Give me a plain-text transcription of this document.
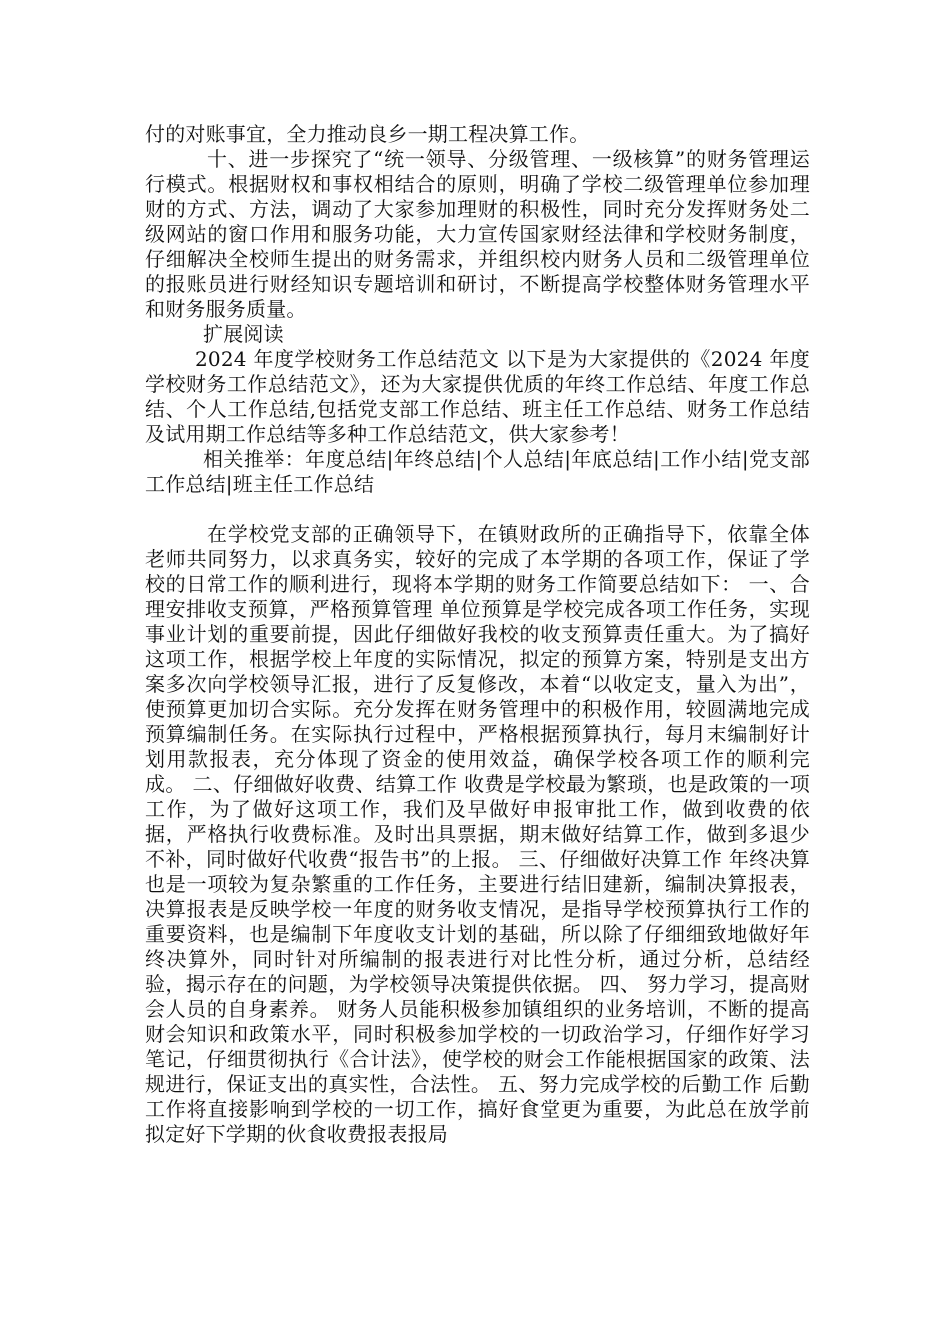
付的对账事宜，全力推动良乡一期工程决算工作。

十、进一步探究了“统一领导、分级管理、一级核算”的财务管理运行模式。根据财权和事权相结合的原则，明确了学校二级管理单位参加理财的方式、方法，调动了大家参加理财的积极性，同时充分发挥财务处二级网站的窗口作用和服务功能，大力宣传国家财经法律和学校财务制度，仔细解决全校师生提出的财务需求，并组织校内财务人员和二级管理单位的报账员进行财经知识专题培训和研讨，不断提高学校整体财务管理水平和财务服务质量。

扩展阅读

2024 年度学校财务工作总结范文 以下是为大家提供的《2024 年度学校财务工作总结范文》，还为大家提供优质的年终工作总结、年度工作总结、个人工作总结,包括党支部工作总结、班主任工作总结、财务工作总结及试用期工作总结等多种工作总结范文，供大家参考！

相关推举：年度总结|年终总结|个人总结|年底总结|工作小结|党支部工作总结|班主任工作总结

在学校党支部的正确领导下，在镇财政所的正确指导下，依靠全体老师共同努力，以求真务实，较好的完成了本学期的各项工作，保证了学校的日常工作的顺利进行，现将本学期的财务工作简要总结如下： 一、合理安排收支预算，严格预算管理 单位预算是学校完成各项工作任务，实现事业计划的重要前提，因此仔细做好我校的收支预算责任重大。为了搞好这项工作，根据学校上年度的实际情况，拟定的预算方案，特别是支出方案多次向学校领导汇报，进行了反复修改，本着“以收定支，量入为出”，使预算更加切合实际。充分发挥在财务管理中的积极作用，较圆满地完成预算编制任务。在实际执行过程中，严格根据预算执行，每月末编制好计划用款报表，充分体现了资金的使用效益，确保学校各项工作的顺利完成。 二、仔细做好收费、结算工作 收费是学校最为繁琐，也是政策的一项工作，为了做好这项工作，我们及早做好申报审批工作，做到收费的依据，严格执行收费标准。及时出具票据，期末做好结算工作，做到多退少不补，同时做好代收费“报告书”的上报。 三、仔细做好决算工作 年终决算也是一项较为复杂繁重的工作任务，主要进行结旧建新，编制决算报表，决算报表是反映学校一年度的财务收支情况，是指导学校预算执行工作的重要资料，也是编制下年度收支计划的基础，所以除了仔细细致地做好年终决算外，同时针对所编制的报表进行对比性分析，通过分析，总结经验，揭示存在的问题，为学校领导决策提供依据。 四、 努力学习，提高财会人员的自身素养。 财务人员能积极参加镇组织的业务培训，不断的提高财会知识和政策水平，同时积极参加学校的一切政治学习，仔细作好学习笔记，仔细贯彻执行《合计法》，使学校的财会工作能根据国家的政策、法规进行，保证支出的真实性，合法性。 五、努力完成学校的后勤工作 后勤工作将直接影响到学校的一切工作，搞好食堂更为重要，为此总在放学前拟定好下学期的伙食收费报表报局
